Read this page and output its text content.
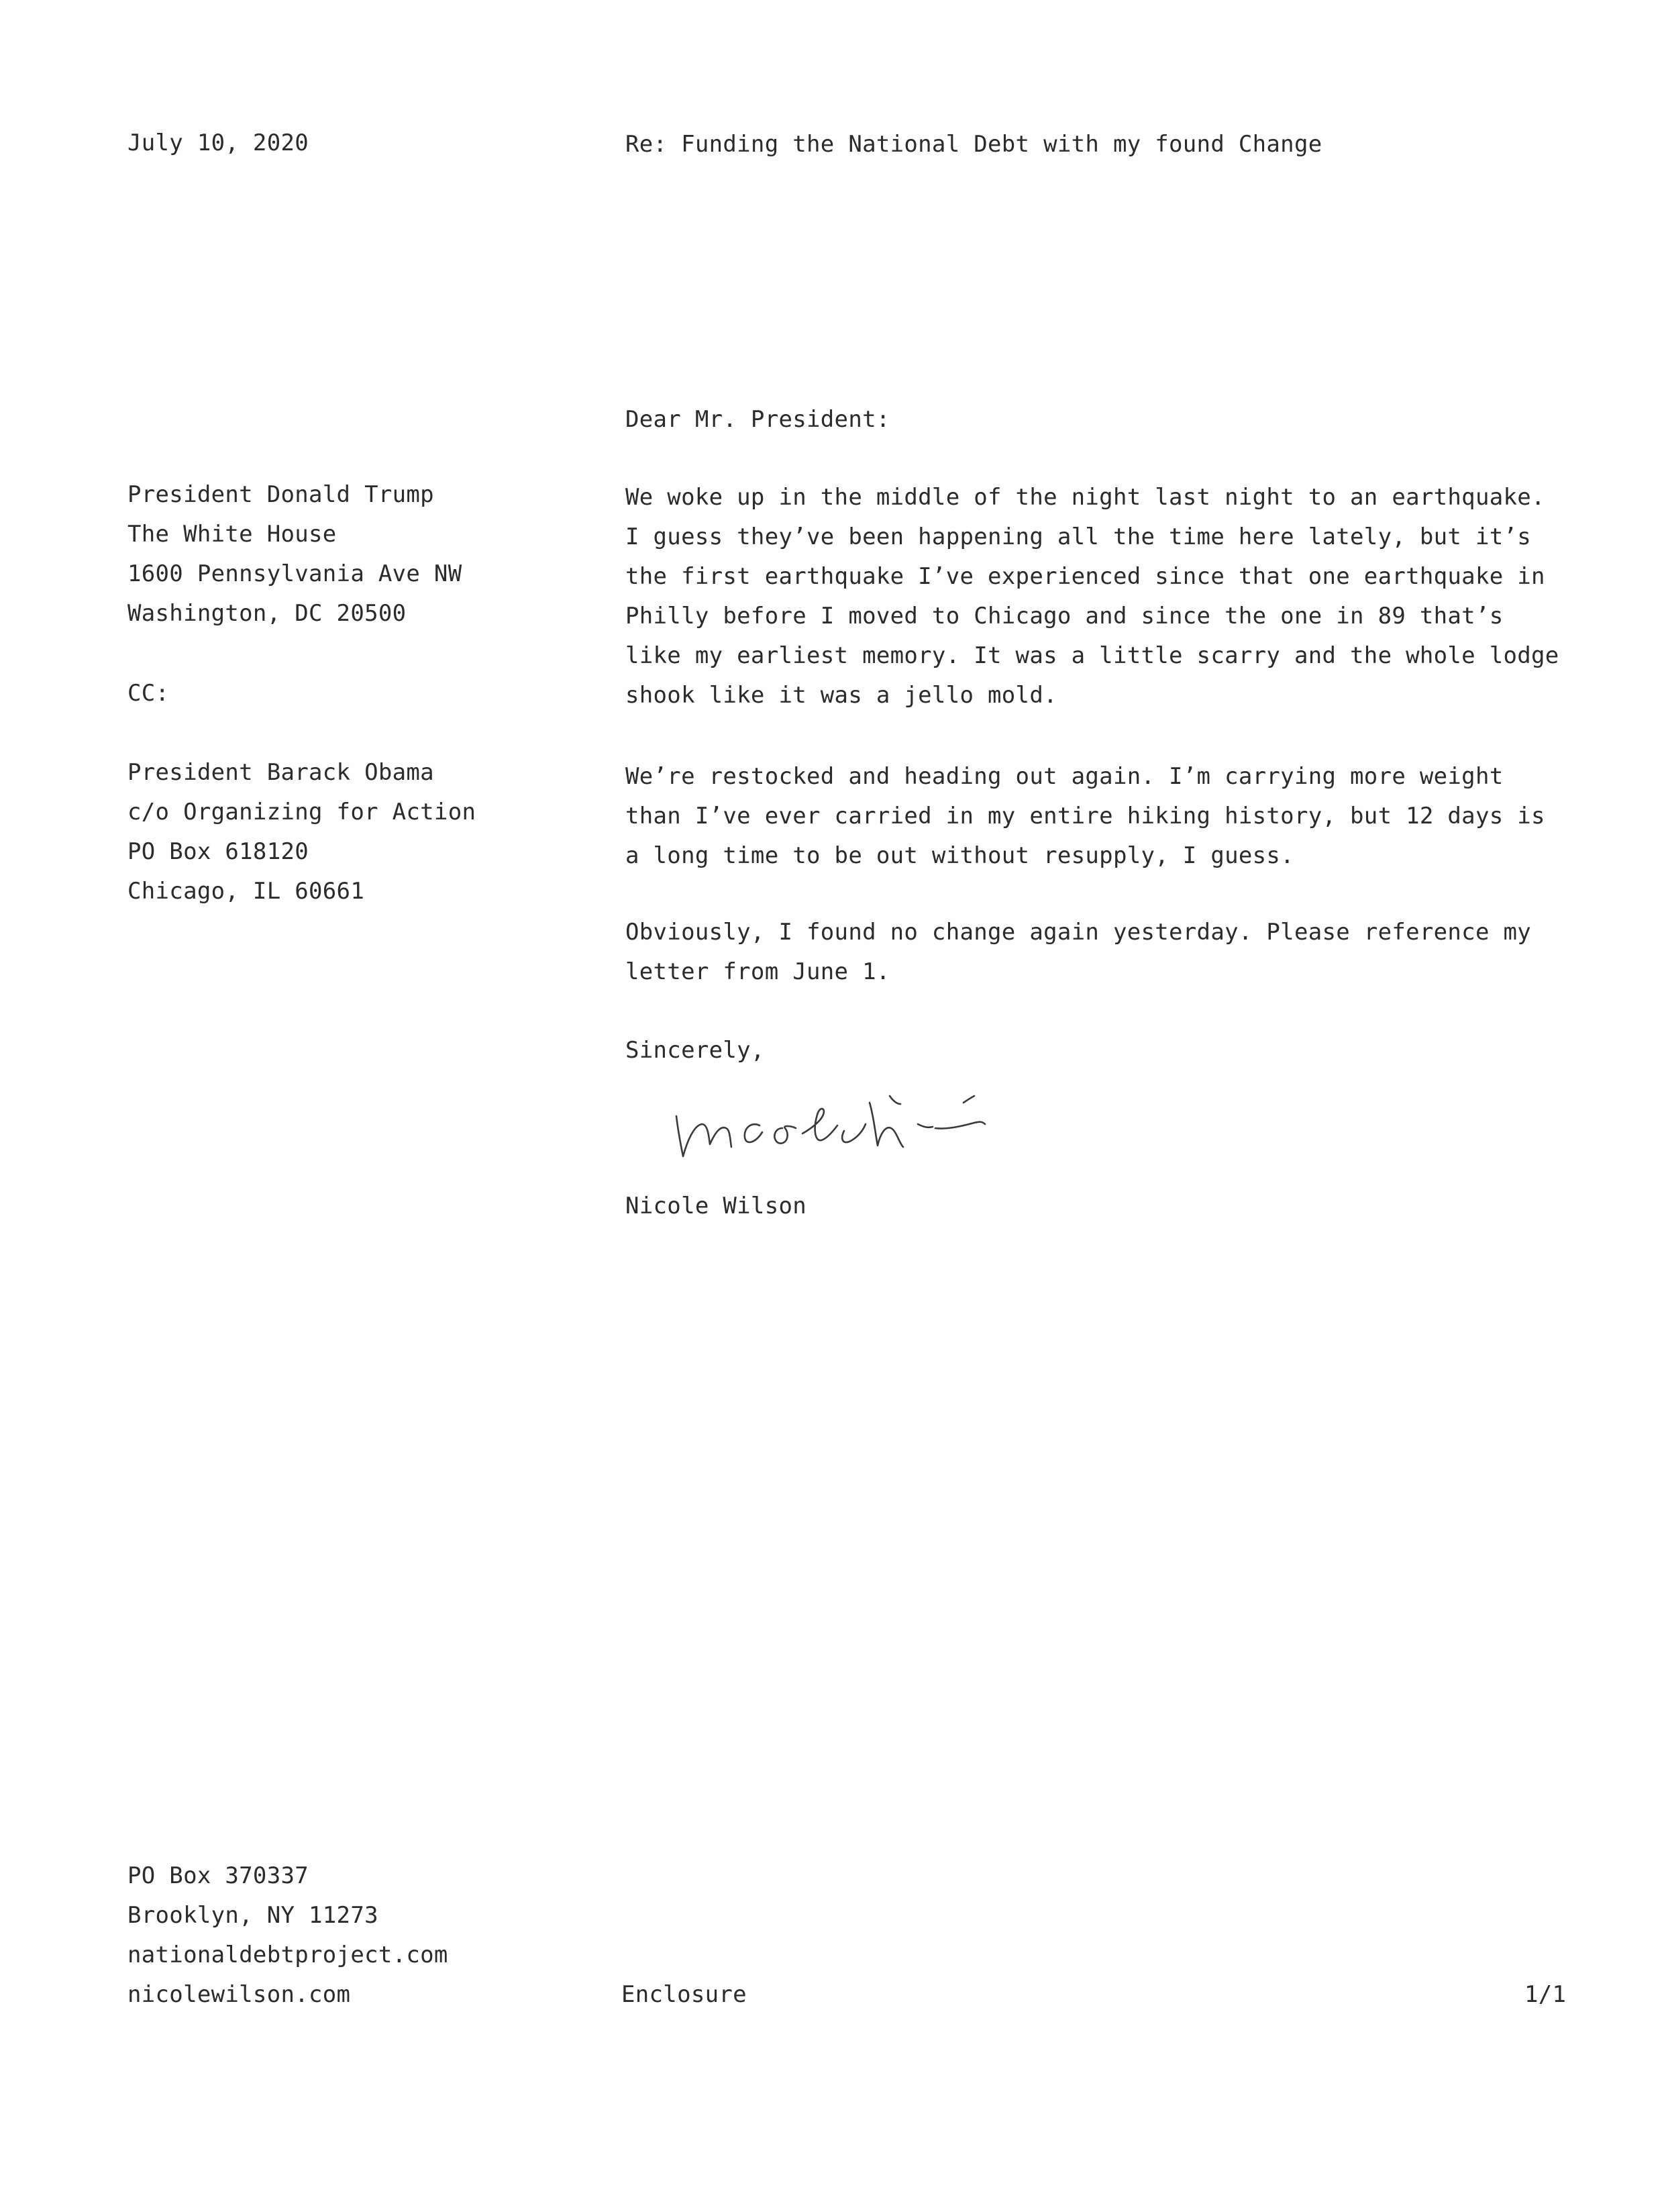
July 10, 2020	Re: Funding the National Debt with my found Change

President Donald Trump
The White House
1600 Pennsylvania Ave NW
Washington, DC 20500

CC:

President Barack Obama
c/o Organizing for Action
PO Box 618120
Chicago, IL 60661

Dear Mr. President:

We woke up in the middle of the night last night to an earthquake.
I guess they’ve been happening all the time here lately, but it’s
the first earthquake I’ve experienced since that one earthquake in
Philly before I moved to Chicago and since the one in 89 that’s
like my earliest memory. It was a little scarry and the whole lodge
shook like it was a jello mold.
We’re restocked and heading out again. I’m carrying more weight
than I’ve ever carried in my entire hiking history, but 12 days is
a long time to be out without resupply, I guess.
Obviously, I found no change again yesterday. Please reference my
letter from June 1.

Sincerely,

Nicole Wilson

PO Box 370337
Brooklyn, NY 11273
nationaldebtproject.com
nicolewilson.com	Enclosure	1/1
